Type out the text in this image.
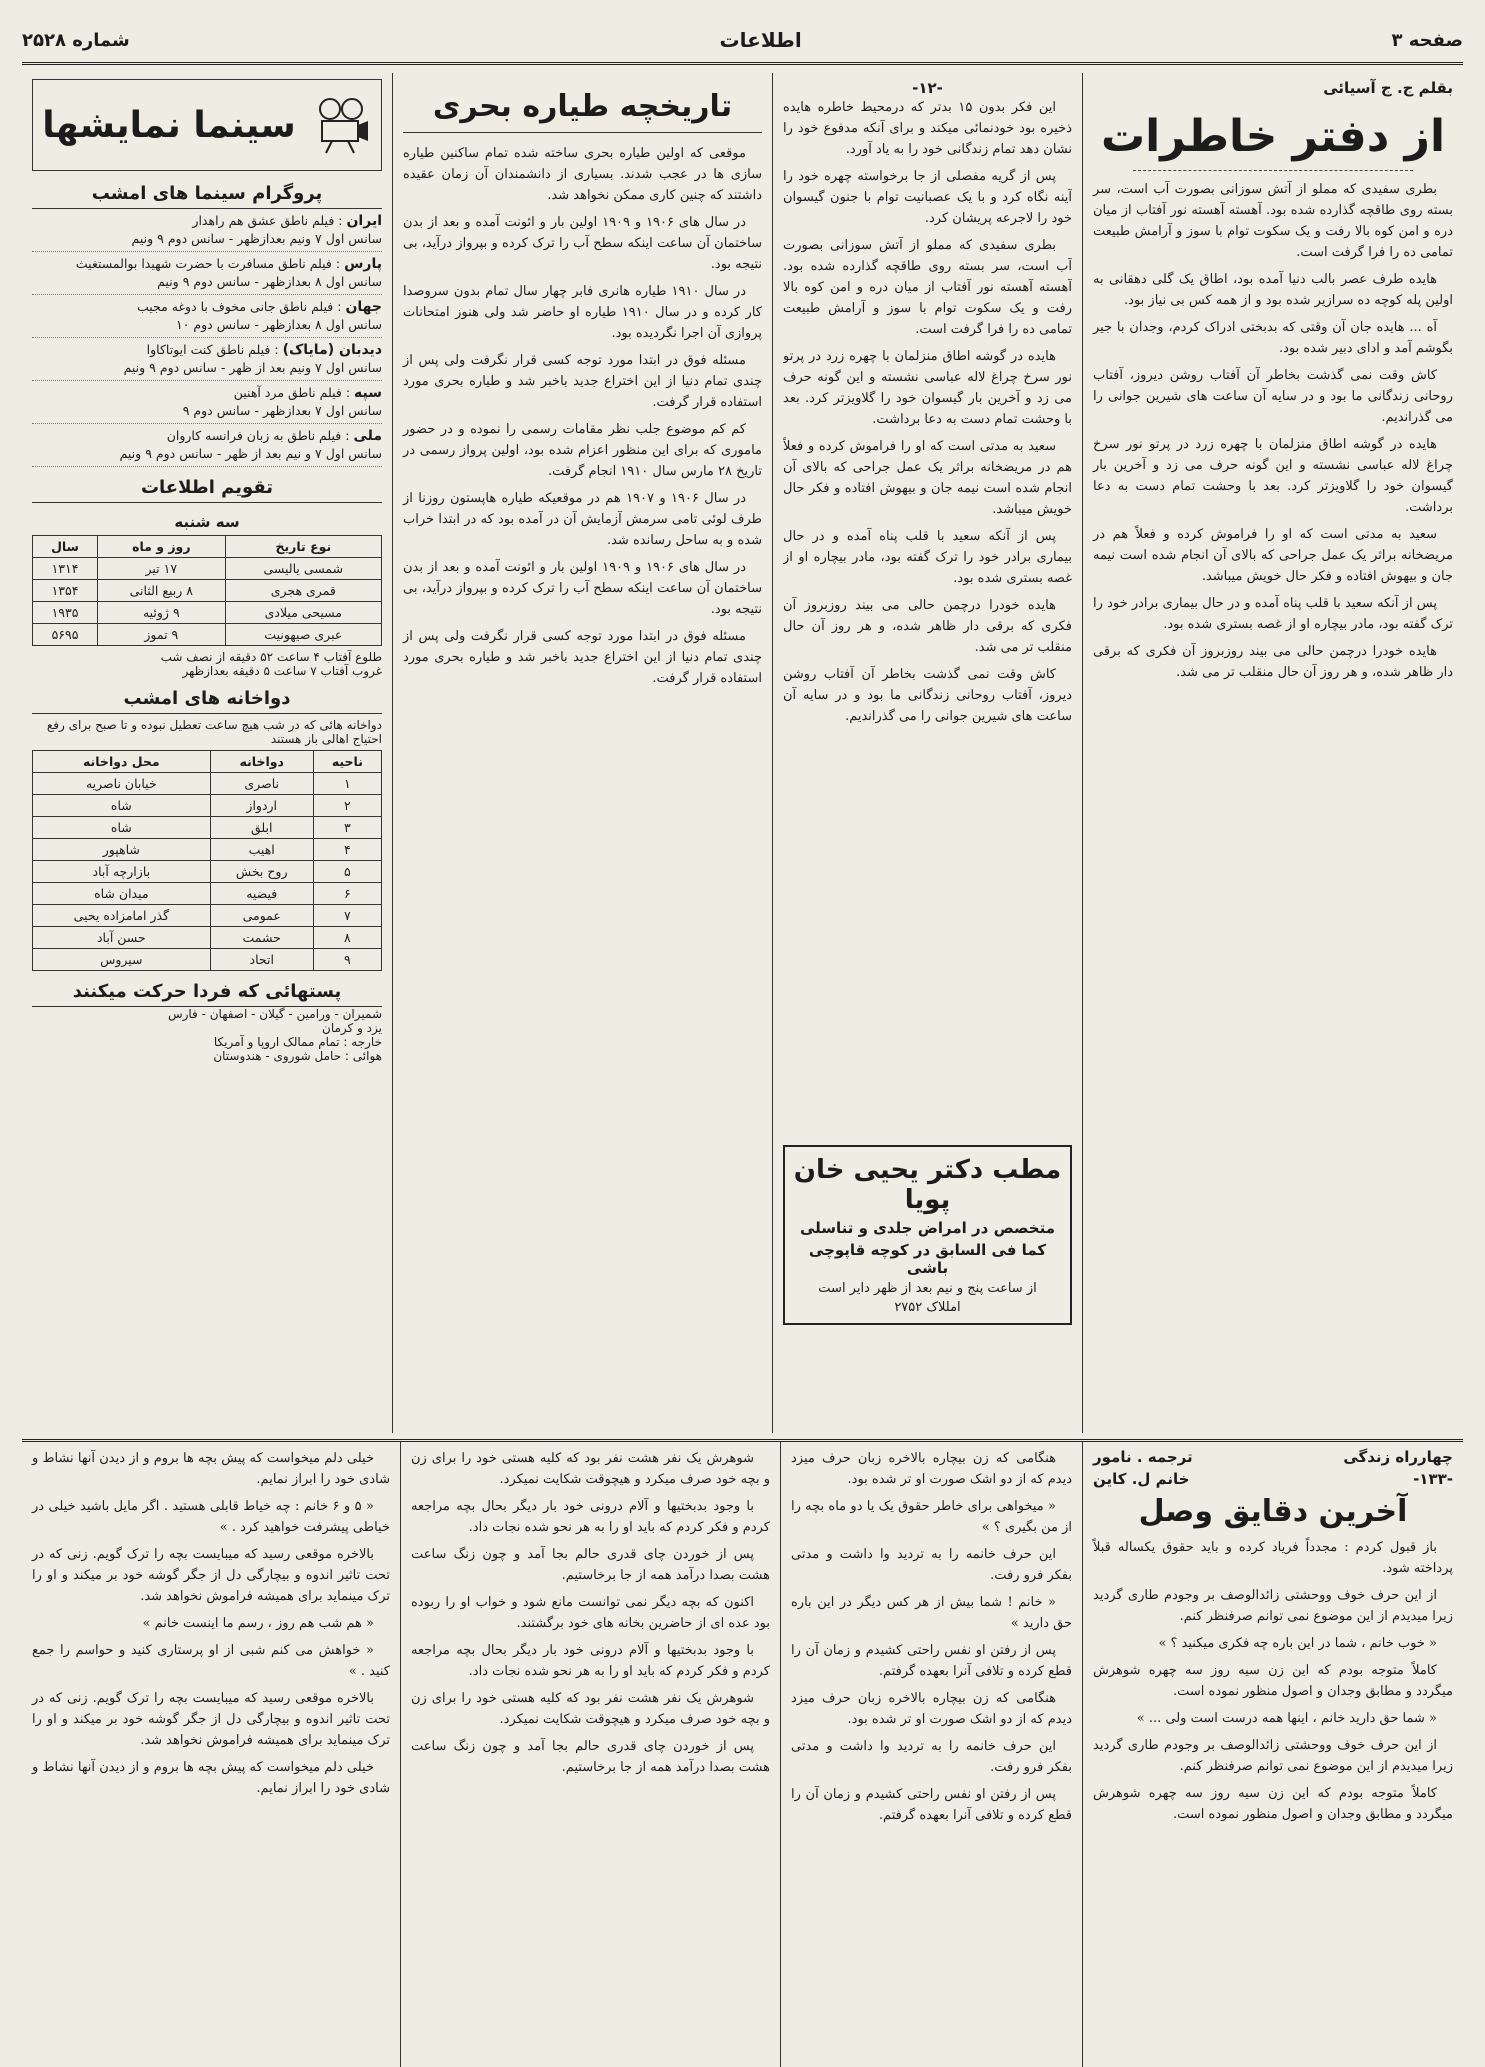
صفحه ۳
اطلاعات
شماره ۲۵۲۸
بقلم ج. ج آسیائی
از دفتر خاطرات

بطری سفیدی که مملو از آتش سوزانی بصورت آب است، سر بسته روی طاقچه گذارده شده بود. آهسته آهسته نور آفتاب از میان دره و امن کوه بالا رفت و یک سکوت توام با سوز و آرامش طبیعت تمامی ده را فرا گرفت است.

هایده طرف عصر بالب دنیا آمده بود، اطاق یک گلی دهقانی به اولین پله کوچه ده سرازیر شده بود و از همه کس بی نیاز بود.

آه ... هایده جان آن وقتی که بدبختی ادراک کردم، وجدان با جیر بگوشم آمد و ادای دبیر شده بود.

کاش وقت نمی گذشت بخاطر آن آفتاب روشن دیروز، آفتاب روحانی زندگانی ما بود و در سایه آن ساعت های شیرین جوانی را می گذراندیم.

هایده در گوشه اطاق منزلمان با چهره زرد در پرتو نور سرخ چراغ لاله عباسی نشسته و این گونه حرف می زد و آخرین بار گیسوان خود را گلاویزتر کرد. بعد با وحشت تمام دست به دعا برداشت.

سعید به مدتی است که او را فراموش کرده و فعلاً هم در مریضخانه براثر یک عمل جراحی که بالای آن انجام شده است نیمه جان و بیهوش افتاده و فکر حال خویش میباشد.

پس از آنکه سعید با قلب پناه آمده و در حال بیماری برادر خود را ترک گفته بود، مادر بیچاره او از غصه بستری شده بود.

هایده خودرا درچمن حالی می بیند روزبروز آن فکری که برقی دار ظاهر شده، و هر روز آن حال منقلب تر می شد.

-۱۲-

این فکر بدون ۱۵ بدتر که درمحیط خاطره هایده ذخیره بود خودنمائی میکند و برای آنکه مدفوع خود را نشان دهد تمام زندگانی خود را به یاد آورد.

پس از گریه مفصلی از جا برخواسته چهره خود را آینه نگاه کرد و با یک عصبانیت توام با جنون گیسوان خود را لاجرعه پریشان کرد.

بطری سفیدی که مملو از آتش سوزانی بصورت آب است، سر بسته روی طاقچه گذارده شده بود. آهسته آهسته نور آفتاب از میان دره و امن کوه بالا رفت و یک سکوت توام با سوز و آرامش طبیعت تمامی ده را فرا گرفت است.

هایده در گوشه اطاق منزلمان با چهره زرد در پرتو نور سرخ چراغ لاله عباسی نشسته و این گونه حرف می زد و آخرین بار گیسوان خود را گلاویزتر کرد. بعد با وحشت تمام دست به دعا برداشت.

سعید به مدتی است که او را فراموش کرده و فعلاً هم در مریضخانه براثر یک عمل جراحی که بالای آن انجام شده است نیمه جان و بیهوش افتاده و فکر حال خویش میباشد.

پس از آنکه سعید با قلب پناه آمده و در حال بیماری برادر خود را ترک گفته بود، مادر بیچاره او از غصه بستری شده بود.

هایده خودرا درچمن حالی می بیند روزبروز آن فکری که برقی دار ظاهر شده، و هر روز آن حال منقلب تر می شد.

کاش وقت نمی گذشت بخاطر آن آفتاب روشن دیروز، آفتاب روحانی زندگانی ما بود و در سایه آن ساعت های شیرین جوانی را می گذراندیم.

مطب دکتر یحیی خان پویا
متخصص در امراض جلدی و تناسلی
کما فی السابق در کوچه قاپوچی باشی
از ساعت پنج و نیم بعد از ظهر دایر است
امللاک ۲۷۵۲
تاریخچه طیاره بحری

موقعی که اولین طیاره بحری ساخته شده تمام ساکنین طیاره سازی ها در عجب شدند. بسیاری از دانشمندان آن زمان عقیده داشتند که چنین کاری ممکن نخواهد شد.

در سال های ۱۹۰۶ و ۱۹۰۹ اولین بار و ائونت آمده و بعد از بدن ساختمان آن ساعت اینکه سطح آب را ترک کرده و بپرواز درآید، بی نتیجه بود.

در سال ۱۹۱۰ طیاره هانری فابر چهار سال تمام بدون سروصدا کار کرده و در سال ۱۹۱۰ طیاره او حاضر شد ولی هنوز امتحانات پروازی آن اجرا نگردیده بود.

مسئله فوق در ابتدا مورد توجه کسی قرار نگرفت ولی پس از چندی تمام دنیا از این اختراع جدید باخبر شد و طیاره بحری مورد استفاده قرار گرفت.

کم کم موضوع جلب نظر مقامات رسمی را نموده و در حضور ماموری که برای این منظور اعزام شده بود، اولین پرواز رسمی در تاریخ ۲۸ مارس سال ۱۹۱۰ انجام گرفت.

در سال ۱۹۰۶ و ۱۹۰۷ هم در موقعیکه طیاره هاپستون روزنا از طرف لوئی تامی سرمش آزمایش آن در آمده بود که در ابتدا خراب شده و به ساحل رسانده شد.

در سال های ۱۹۰۶ و ۱۹۰۹ اولین بار و ائونت آمده و بعد از بدن ساختمان آن ساعت اینکه سطح آب را ترک کرده و بپرواز درآید، بی نتیجه بود.

مسئله فوق در ابتدا مورد توجه کسی قرار نگرفت ولی پس از چندی تمام دنیا از این اختراع جدید باخبر شد و طیاره بحری مورد استفاده قرار گرفت.

سینما نمایشها
پروگرام سینما های امشب
ایران : فیلم ناطق عشق هم راهدار
سانس اول ۷ ونیم بعدازظهر - سانس دوم ۹ ونیم
پارس : فیلم ناطق مسافرت با حضرت شهیدا بوالمستغیث
سانس اول ۸ بعدازظهر - سانس دوم ۹ ونیم
جهان : فیلم ناطق جانی مخوف با دوغه مجیب
سانس اول ۸ بعدازظهر - سانس دوم ۱۰
دیدبان (مایاک) : فیلم ناطق کنت ایوتاکاوا
سانس اول ۷ ونیم بعد از ظهر - سانس دوم ۹ ونیم
سپه : فیلم ناطق مرد آهنین
سانس اول ۷ بعدازظهر - سانس دوم ۹
ملی : فیلم ناطق به زبان فرانسه کاروان
سانس اول ۷ و نیم بعد از ظهر - سانس دوم ۹ ونیم
تقویم اطلاعات
سه شنبه
نوع تاریخ	روز و ماه	سال
شمسی یالیسی	۱۷ تیر	۱۳۱۴
قمری هجری	۸ ربیع الثانی	۱۳۵۴
مسیحی میلادی	۹ ژوئیه	۱۹۳۵
عبری صیهونیت	۹ تموز	۵۶۹۵
طلوع آفتاب ۴ ساعت ۵۲ دقیقه از نصف شب
غروب آفتاب ۷ ساعت ۵ دقیقه بعدازظهر
دواخانه های امشب
دواخانه هائی که در شب هیچ ساعت تعطیل نبوده و تا صبح برای رفع احتیاج اهالی باز هستند
ناحیه	دواخانه	محل دواخانه
۱	ناصری	خیابان ناصریه
۲	اردواز	شاه
۳	ابلق	شاه
۴	اهیب	شاهپور
۵	روح بخش	بازارچه آباد
۶	فیضیه	میدان شاه
۷	عمومی	گذر امامزاده یحیی
۸	حشمت	حسن آباد
۹	اتحاد	سیروس
پستهائی که فردا حرکت میکنند
شمیران - ورامین - گیلان - اصفهان - فارس
یزد و کرمان
خارجه : تمام ممالک اروپا و آمریکا
هوائی : حامل شوروی - هندوستان
چهارراه زندگی
ترجمه . نامور
-۱۳۳-
خانم ل. کاین
آخرین دقایق وصل

باز قبول کردم : مجدداً فریاد کرده و باید حقوق یکساله قبلاً پرداخته شود.

از این حرف خوف ووحشتی زائدالوصف بر وجودم طاری گردید زیرا میدیدم از این موضوع نمی توانم صرفنظر کنم.

« خوب خانم ، شما در این باره چه فکری میکنید ؟ »

کاملاً متوجه بودم که این زن سیه روز سه چهره شوهرش میگردد و مطابق وجدان و اصول منظور نموده است.

« شما حق دارید خانم ، اینها همه درست است ولی ... »

از این حرف خوف ووحشتی زائدالوصف بر وجودم طاری گردید زیرا میدیدم از این موضوع نمی توانم صرفنظر کنم.

کاملاً متوجه بودم که این زن سیه روز سه چهره شوهرش میگردد و مطابق وجدان و اصول منظور نموده است.

هنگامی که زن بیچاره بالاخره زبان حرف میزد دیدم که از دو اشک صورت او تر شده بود.

« میخواهی برای خاطر حقوق یک یا دو ماه بچه را از من بگیری ؟ »

این حرف خانمه را به تردید وا داشت و مدتی بفکر فرو رفت.

« خانم ! شما بیش از هر کس دیگر در این باره حق دارید »

پس از رفتن او نفس راحتی کشیدم و زمان آن را قطع کرده و تلافی آنرا بعهده گرفتم.

هنگامی که زن بیچاره بالاخره زبان حرف میزد دیدم که از دو اشک صورت او تر شده بود.

این حرف خانمه را به تردید وا داشت و مدتی بفکر فرو رفت.

پس از رفتن او نفس راحتی کشیدم و زمان آن را قطع کرده و تلافی آنرا بعهده گرفتم.

شوهرش یک نفر هشت نفر بود که کلیه هستی خود را برای زن و بچه خود صرف میکرد و هیچوقت شکایت نمیکرد.

با وجود بدبختیها و آلام درونی خود بار دیگر بحال بچه مراجعه کردم و فکر کردم که باید او را به هر نحو شده نجات داد.

پس از خوردن چای قدری حالم بجا آمد و چون زنگ ساعت هشت بصدا درآمد همه از جا برخاستیم.

اکنون که بچه دیگر نمی توانست مانع شود و خواب او را ربوده بود عده ای از حاضرین بخانه های خود برگشتند.

با وجود بدبختیها و آلام درونی خود بار دیگر بحال بچه مراجعه کردم و فکر کردم که باید او را به هر نحو شده نجات داد.

شوهرش یک نفر هشت نفر بود که کلیه هستی خود را برای زن و بچه خود صرف میکرد و هیچوقت شکایت نمیکرد.

پس از خوردن چای قدری حالم بجا آمد و چون زنگ ساعت هشت بصدا درآمد همه از جا برخاستیم.

خیلی دلم میخواست که پیش بچه ها بروم و از دیدن آنها نشاط و شادی خود را ابراز نمایم.

« ۵ و ۶ خانم : چه خیاط قابلی هستید . اگر مایل باشید خیلی در خیاطی پیشرفت خواهید کرد . »

بالاخره موقعی رسید که میبایست بچه را ترک گویم. زنی که در تحت تاثیر اندوه و بیچارگی دل از جگر گوشه خود بر میکند و او را ترک مینماید برای همیشه فراموش نخواهد شد.

« هم شب هم روز ، رسم ما اینست خانم »

« خواهش می کنم شبی از او پرستاری کنید و حواسم را جمع کنید . »

بالاخره موقعی رسید که میبایست بچه را ترک گویم. زنی که در تحت تاثیر اندوه و بیچارگی دل از جگر گوشه خود بر میکند و او را ترک مینماید برای همیشه فراموش نخواهد شد.

خیلی دلم میخواست که پیش بچه ها بروم و از دیدن آنها نشاط و شادی خود را ابراز نمایم.
